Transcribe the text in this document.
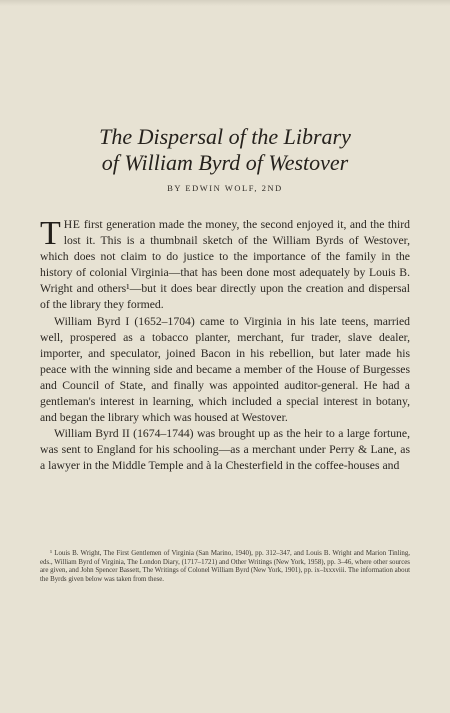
The Dispersal of the Library
of William Byrd of Westover
BY EDWIN WOLF, 2ND

THE first generation made the money, the second enjoyed it, and the third lost it. This is a thumbnail sketch of the William Byrds of Westover, which does not claim to do justice to the importance of the family in the history of colonial Virginia—that has been done most adequately by Louis B. Wright and others¹—but it does bear directly upon the creation and dispersal of the library they formed.

William Byrd I (1652–1704) came to Virginia in his late teens, married well, prospered as a tobacco planter, merchant, fur trader, slave dealer, importer, and speculator, joined Bacon in his rebellion, but later made his peace with the winning side and became a member of the House of Burgesses and Council of State, and finally was appointed auditor-general. He had a gentleman's interest in learning, which included a special interest in botany, and began the library which was housed at Westover.

William Byrd II (1674–1744) was brought up as the heir to a large fortune, was sent to England for his schooling—as a merchant under Perry & Lane, as a lawyer in the Middle Temple and à la Chesterfield in the coffee-houses and

¹ Louis B. Wright, The First Gentlemen of Virginia (San Marino, 1940), pp. 312–347, and Louis B. Wright and Marion Tinling, eds., William Byrd of Virginia, The London Diary, (1717–1721) and Other Writings (New York, 1958), pp. 3–46, where other sources are given, and John Spencer Bassett, The Writings of Colonel William Byrd (New York, 1901), pp. ix–lxxxviii. The information about the Byrds given below was taken from these.
